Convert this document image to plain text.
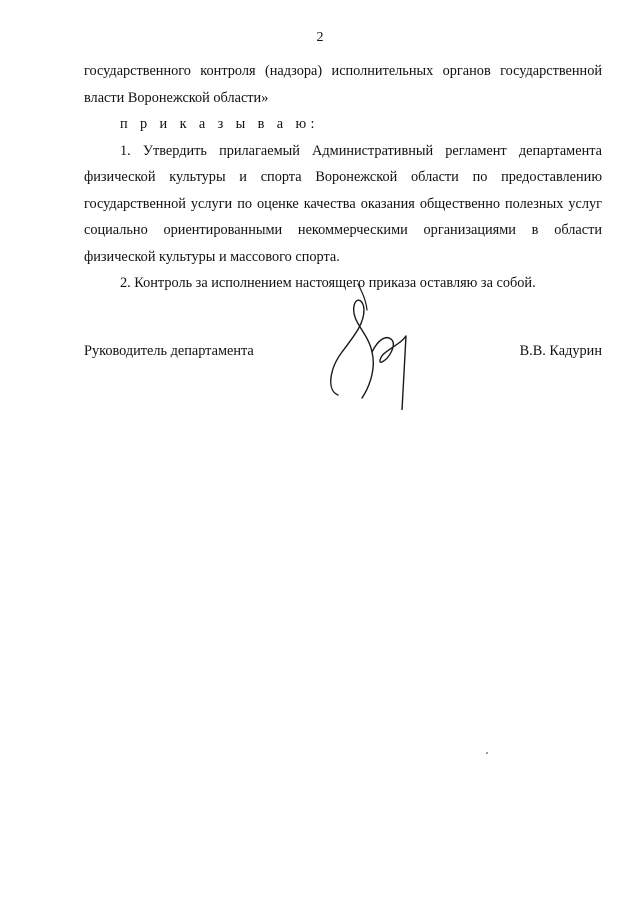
2

государственного контроля (надзора) исполнительных органов государственной власти Воронежской области»

п р и к а з ы в а ю:

1. Утвердить прилагаемый Административный регламент департамента физической культуры и спорта Воронежской области по предоставлению государственной услуги по оценке качества оказания общественно полезных услуг социально ориентированными некоммерческими организациями в области физической культуры и массового спорта.

2. Контроль за исполнением настоящего приказа оставляю за собой.

Руководитель департамента	В.В. Кадурин
